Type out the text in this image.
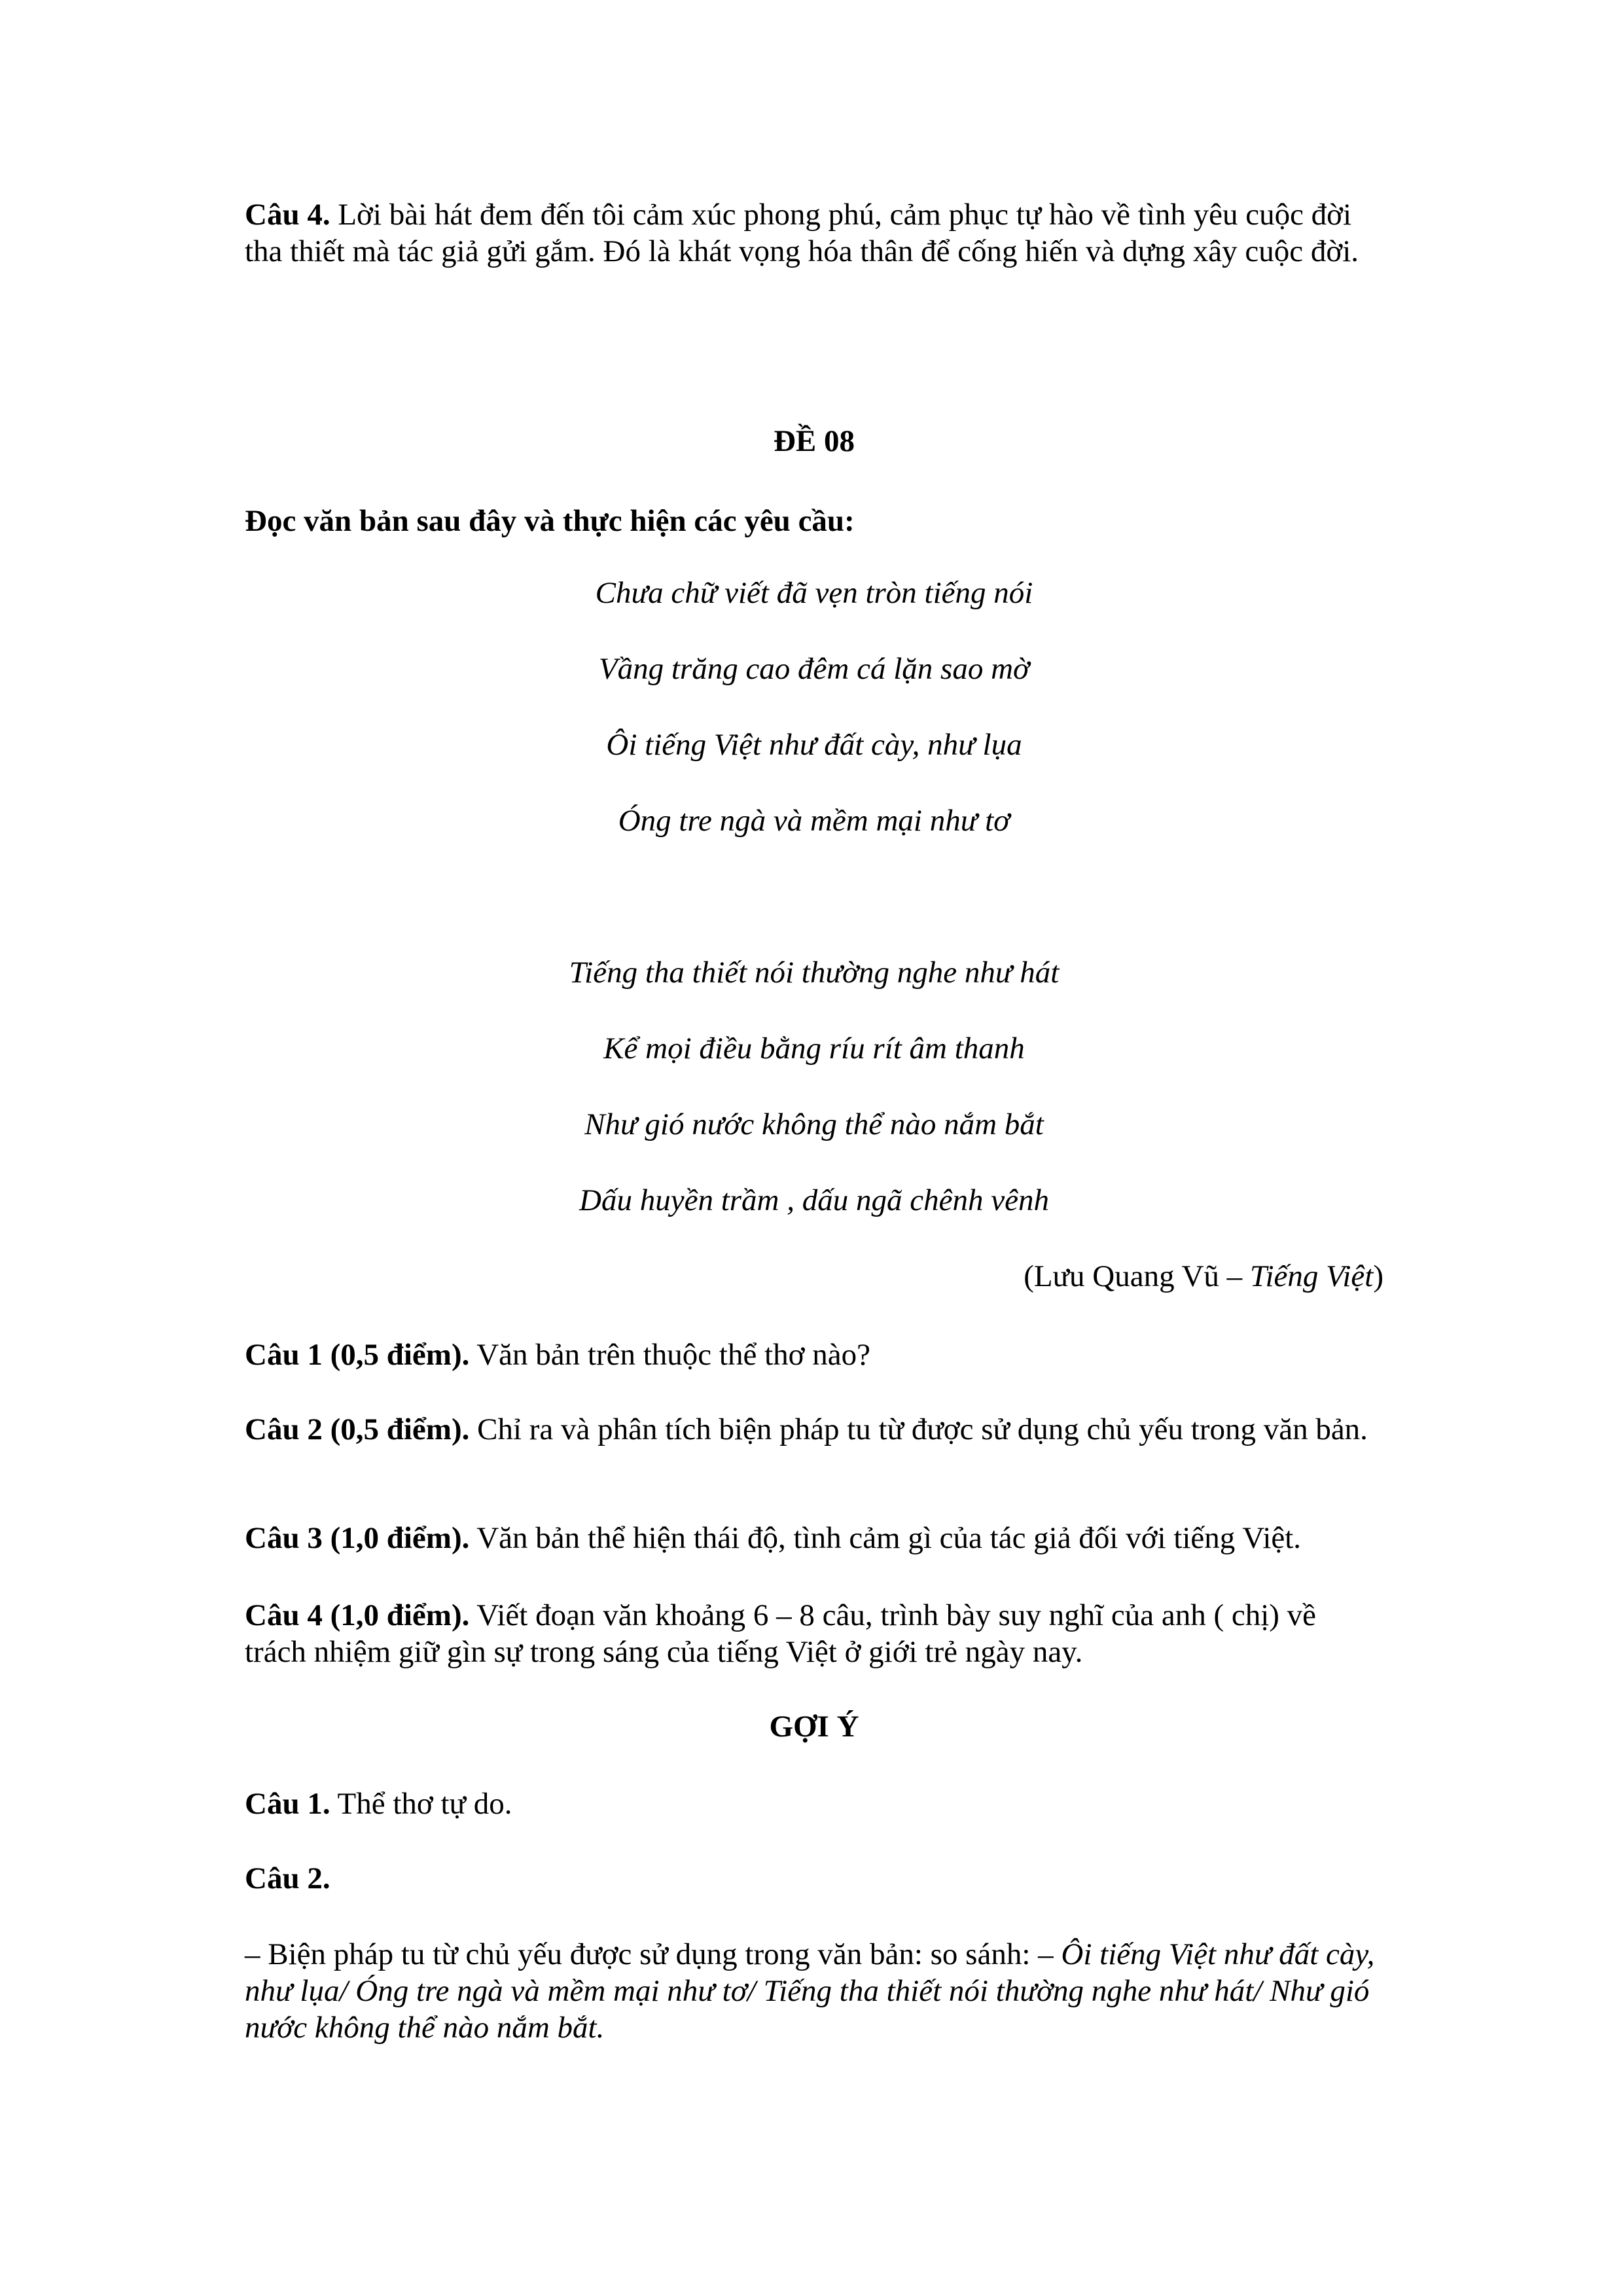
Câu 4. Lời bài hát đem đến tôi cảm xúc phong phú, cảm phục tự hào về tình yêu cuộc đời tha thiết mà tác giả gửi gắm. Đó là khát vọng hóa thân để cống hiến và dựng xây cuộc đời.

ĐỀ 08

Đọc văn bản sau đây và thực hiện các yêu cầu:

Chưa chữ viết đã vẹn tròn tiếng nói

Vầng trăng cao đêm cá lặn sao mờ

Ôi tiếng Việt như đất cày, như lụa

Óng tre ngà và mềm mại như tơ

Tiếng tha thiết nói thường nghe như hát

Kể mọi điều bằng ríu rít âm thanh

Như gió nước không thể nào nắm bắt

Dấu huyền trầm , dấu ngã chênh vênh

(Lưu Quang Vũ – Tiếng Việt)

Câu 1 (0,5 điểm). Văn bản trên thuộc thể thơ nào?

Câu 2 (0,5 điểm). Chỉ ra và phân tích biện pháp tu từ được sử dụng chủ yếu trong văn bản.

Câu 3 (1,0 điểm). Văn bản thể hiện thái độ, tình cảm gì của tác giả đối với tiếng Việt.

Câu 4 (1,0 điểm). Viết đoạn văn khoảng 6 – 8 câu, trình bày suy nghĩ của anh ( chị) về trách nhiệm giữ gìn sự trong sáng của tiếng Việt ở giới trẻ ngày nay.

GỢI Ý

Câu 1. Thể thơ tự do.

Câu 2.

– Biện pháp tu từ chủ yếu được sử dụng trong văn bản: so sánh: – Ôi tiếng Việt như đất cày, như lụa/ Óng tre ngà và mềm mại như tơ/ Tiếng tha thiết nói thường nghe như hát/ Như gió nước không thể nào nắm bắt.
